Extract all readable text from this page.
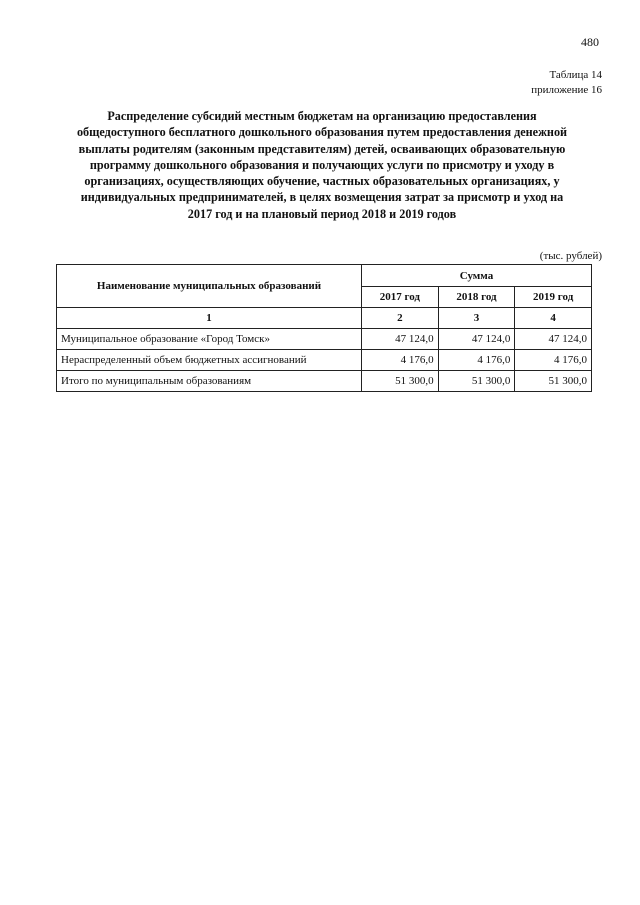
480
Таблица 14
приложение 16
Распределение субсидий местным бюджетам на организацию предоставления общедоступного бесплатного дошкольного образования путем предоставления денежной выплаты родителям (законным представителям) детей, осваивающих образовательную программу дошкольного образования и получающих услуги по присмотру и уходу в организациях, осуществляющих обучение, частных образовательных организациях, у индивидуальных предпринимателей, в целях возмещения затрат за присмотр и уход на 2017 год и на плановый период 2018 и 2019 годов
(тыс. рублей)
Наименование муниципальных образований	Сумма		
	2017 год	2018 год	2019 год
1	2	3	4
Муниципальное образование «Город Томск»	47 124,0	47 124,0	47 124,0
Нераспределенный объем бюджетных ассигнований	4 176,0	4 176,0	4 176,0
Итого по муниципальным образованиям	51 300,0	51 300,0	51 300,0
